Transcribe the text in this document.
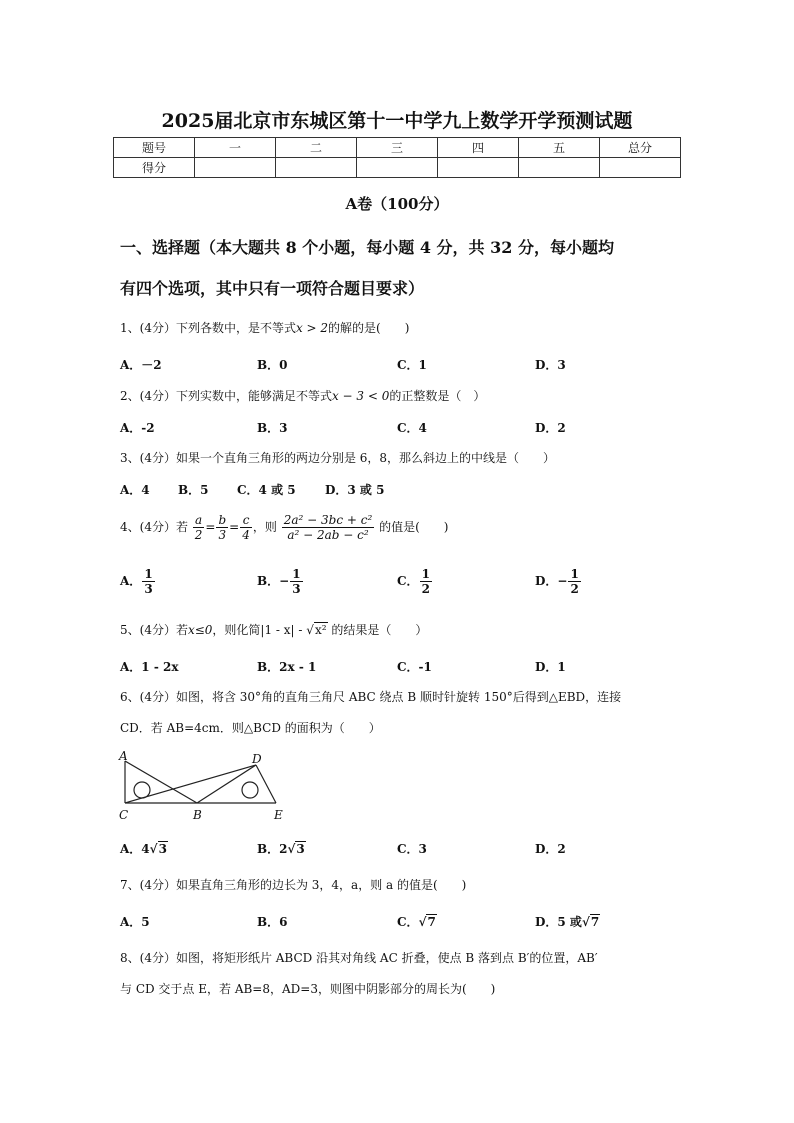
2025届北京市东城区第十一中学九上数学开学预测试题
题号	一	二	三	四	五	总分
得分						
A卷（100分）
一、选择题（本大题共 8 个小题，每小题 4 分，共 32 分，每小题均
有四个选项，其中只有一项符合题目要求）
1、(4分）下列各数中，是不等式x > 2的解的是(　　)
A．－2	B．0	C．1	D．3
2、(4分）下列实数中，能够满足不等式x − 3 < 0的正整数是（　）
A．-2	B．3	C．4	D．2
3、(4分）如果一个直角三角形的两边分别是 6，8，那么斜边上的中线是（　　）
A．4 B．5 C．4 或 5 D．3 或 5
4、(4分）若 $\frac{a}{2} = \frac{b}{3} = \frac{c}{4}$ ，则 $\frac{\text{2a² − 3bc + c²}}{\text{a² − 2ab − c²}}$ 的值是(　　)
A． $\frac{1}{3}$	B．− $\frac{1}{3}$	C． $\frac{1}{2}$	D．− $\frac{1}{2}$
5、(4分）若x≤0，则化简|1 - x| - √x² 的结果是（　　）
A．1 - 2x	B．2x - 1	C．-1	D．1
6、(4分）如图，将含 30°角的直角三角尺 ABC 绕点 B 顺时针旋转 150°后得到△EBD，连接
CD．若 AB=4cm．则△BCD 的面积为（　　）
A
C	B
D
E
A．4√3	B．2√3	C．3	D．2
7、(4分）如果直角三角形的边长为 3，4，a，则 a 的值是(　　)
A．5	B．6	C．√7	D．5 或√7
8、(4分）如图，将矩形纸片 ABCD 沿其对角线 AC 折叠，使点 B 落到点 B′的位置，AB′
与 CD 交于点 E，若 AB=8，AD=3，则图中阴影部分的周长为(　　)
